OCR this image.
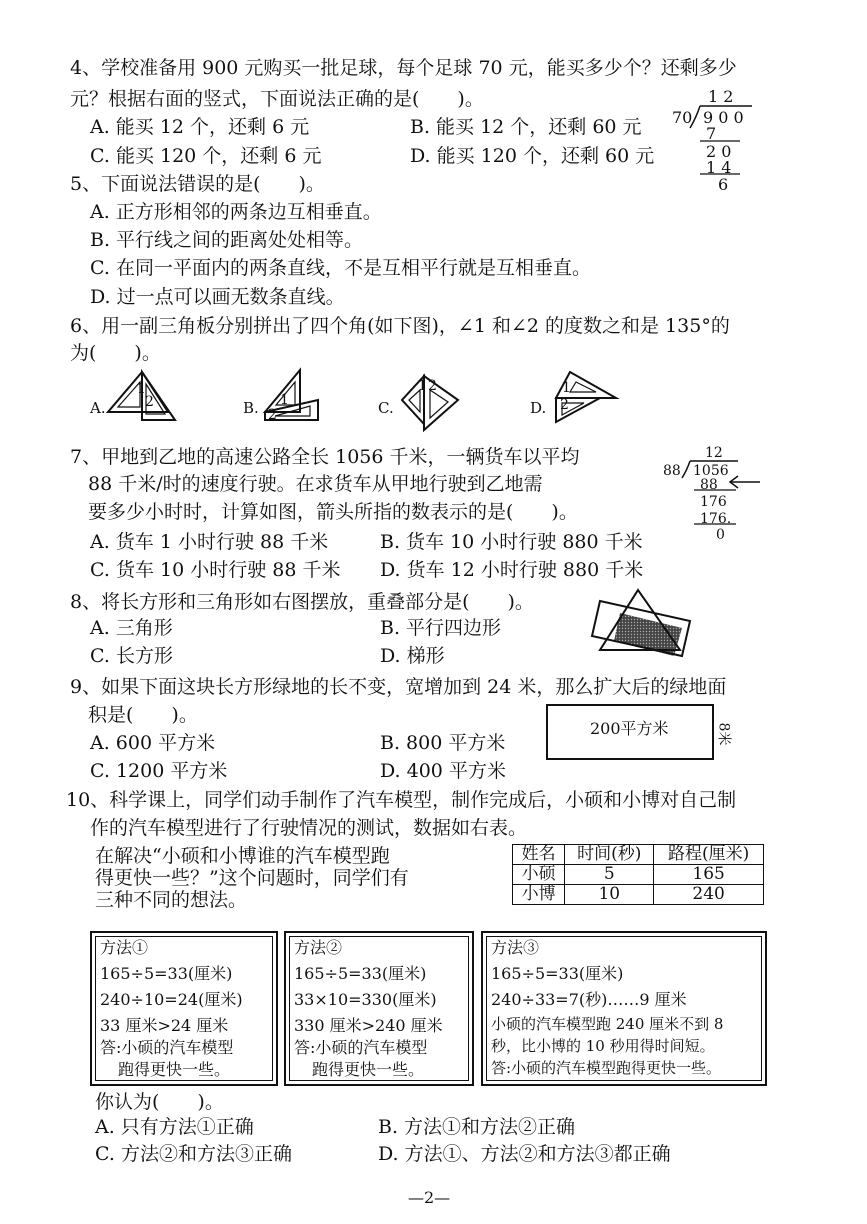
4、学校准备用 900 元购买一批足球，每个足球 70 元，能买多少个？还剩多少
元？根据右面的竖式，下面说法正确的是(　　)。
A. 能买 12 个，还剩 6 元	B. 能买 12 个，还剩 60 元
C. 能买 120 个，还剩 6 元	D. 能买 120 个，还剩 60 元
1 2
70 9 0 0
7
2 0
1 4
6
5、下面说法错误的是(　　)。
A. 正方形相邻的两条边互相垂直。
B. 平行线之间的距离处处相等。
C. 在同一平面内的两条直线，不是互相平行就是互相垂直。
D. 过一点可以画无数条直线。
6、用一副三角板分别拼出了四个角(如下图)，∠1 和∠2 的度数之和是 135°的
为(　　)。
A.
1
2	B. 1
2	C.
1 2
D.
1
2
7、甲地到乙地的高速公路全长 1056 千米，一辆货车以平均
88 千米/时的速度行驶。在求货车从甲地行驶到乙地需
要多少小时时，计算如图，箭头所指的数表示的是(　　)。
A. 货车 1 小时行驶 88 千米	B. 货车 10 小时行驶 880 千米
C. 货车 10 小时行驶 88 千米 D. 货车 12 小时行驶 880 千米
12
88 1056
88
176
176.
0
8、将长方形和三角形如右图摆放，重叠部分是(　　)。
A. 三角形	B. 平行四边形
C. 长方形	D. 梯形
9、如果下面这块长方形绿地的长不变，宽增加到 24 米，那么扩大后的绿地面
积是(　　)。
A. 600 平方米	B. 800 平方米
C. 1200 平方米	D. 400 平方米
200平方米	8米
10、科学课上，同学们动手制作了汽车模型，制作完成后，小硕和小博对自己制
作的汽车模型进行了行驶情况的测试，数据如右表。
在解决“小硕和小博谁的汽车模型跑
得更快一些？”这个问题时，同学们有
三种不同的想法。
姓名	时间(秒)	路程(厘米)
小硕	5	165
小博	10	240
方法①
165÷5=33(厘米)
240÷10=24(厘米)
33 厘米>24 厘米
答:小硕的汽车模型
跑得更快一些。
方法②
165÷5=33(厘米)
33×10=330(厘米)
330 厘米>240 厘米
答:小硕的汽车模型
跑得更快一些。
方法③
165÷5=33(厘米)
240÷33=7(秒)……9 厘米
小硕的汽车模型跑 240 厘米不到 8
秒，比小博的 10 秒用得时间短。
答:小硕的汽车模型跑得更快一些。
你认为(　　)。
A. 只有方法①正确	B. 方法①和方法②正确
C. 方法②和方法③正确	D. 方法①、方法②和方法③都正确
—2—
